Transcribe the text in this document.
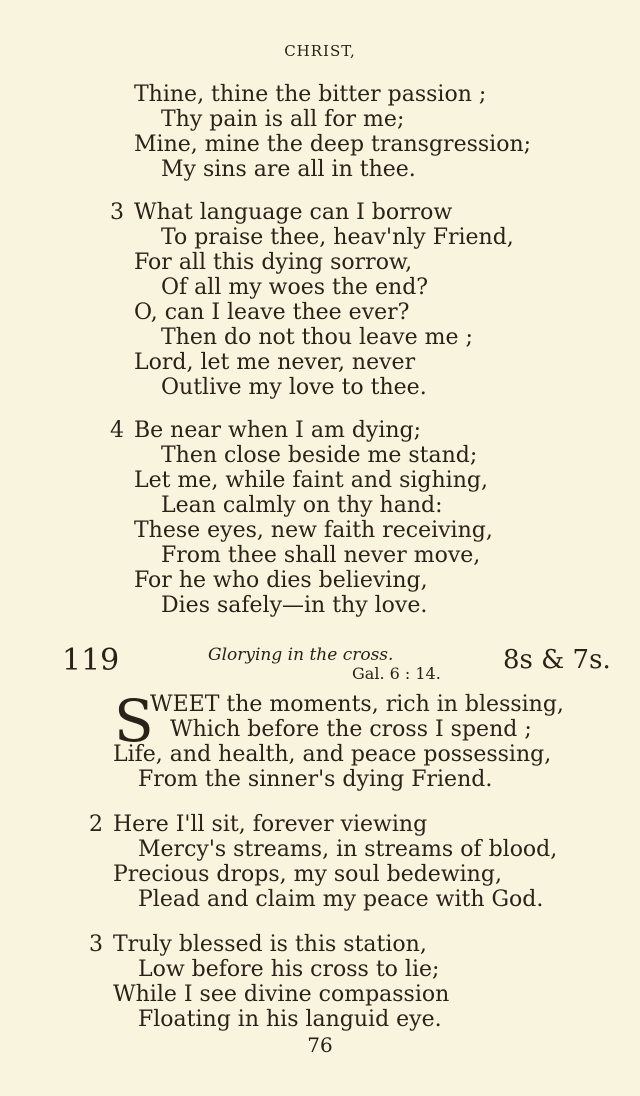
CHRIST,
Thine, thine the bitter passion ;
Thy pain is all for me;
Mine, mine the deep transgression;
My sins are all in thee.
3 What language can I borrow
To praise thee, heav'nly Friend,
For all this dying sorrow,
Of all my woes the end?
O, can I leave thee ever?
Then do not thou leave me ;
Lord, let me never, never
Outlive my love to thee.
4 Be near when I am dying;
Then close beside me stand;
Let me, while faint and sighing,
Lean calmly on thy hand:
These eyes, new faith receiving,
From thee shall never move,
For he who dies believing,
Dies safely—in thy love.
119	Glorying in the cross.
Gal. 6 : 14. 8s & 7s.
S
WEET the moments, rich in blessing,
Which before the cross I spend ;
Life, and health, and peace possessing,
From the sinner's dying Friend.
2 Here I'll sit, forever viewing
Mercy's streams, in streams of blood,
Precious drops, my soul bedewing,
Plead and claim my peace with God.
3 Truly blessed is this station,
Low before his cross to lie;
While I see divine compassion
Floating in his languid eye.
76
